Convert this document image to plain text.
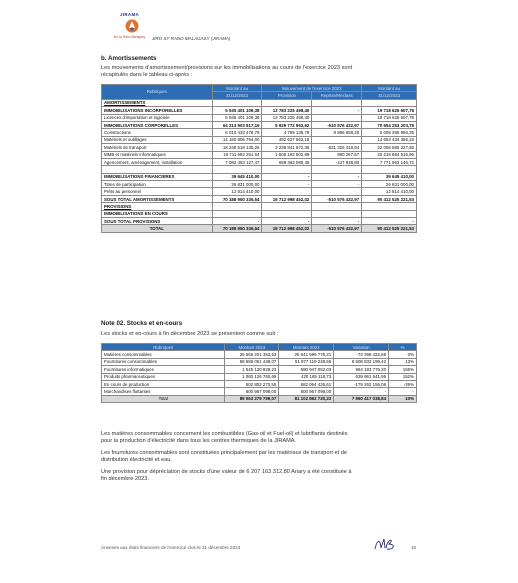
JIRAMA
Jiro sy Rano Malagasy JIRO SY RANO MALAGASY (JIRAMA)
b. Amortissements
Les mouvements d'amortissement/provisions sur les immobilisations au cours de l'exercice 2023 sont
récapitulés dans le tableau ci-après :
Rubriques	Montant au	Mouvement de l'exercice 2023		Montant au
	31/12/2022	Provision	Reprise/Reclass	31/12/2023
AMORTISSEMENTS				
IMMOBILISATIONS INCORPORELLES	5 935 401 109,38	13 783 225 498,40	-	19 718 626 607,78
Licences d'importation et logiciele	5 935 401 109,38	13 783 225 498,40		19 718 626 607,78
IMMOBILISATIONS CORPORELLES	64 213 903 817,16	5 929 772 953,62	-510 576 432,97	70 654 253 203,78
Constructions	6 010 433 478,79	4 759 135,78	9 896 658,20	6 005 295 956,35
Matériels et outillages	14 160 806 794,00	492 627 562,18		14 653 434 356,18
Matériels de transport	18 248 518 135,26	3 236 841 672,36	-521 325 419,94	22 006 685 227,56
MMB et matériels informatiques	18 711 692 261,64	1 506 182 502,89	990 267,57	20 216 884 516,96
Agencement, aménagement, installation	7 082 453 127,47	689 362 080,45	-137 938,80	7 771 953 146,72

IMMOBILISATIONS FINANCIERES	39 645 410,00	-	-	39 645 410,00
Titres de participation	26 831 000,00	-	-	26 831 000,00
Prêts au personnel	12 814 410,00			12 814 410,00
SOUS TOTAL AMORTISSEMENTS	70 188 950 336,54	19 712 998 452,02	-510 576 432,97	90 412 525 221,53
PROVISIONS				
IMMOBILISATIONS EN COURS				
SOUS TOTAL PROVISIONS	-	-	-	-
TOTAL	70 188 950 336,54	19 712 998 452,02	-510 576 432,97	90 412 525 221,53
Note 02. Stocks et en-cours
Les stocks et en-cours à fin décembre 2023 se présentent comme suit :
Rubriques	Montant 2023	Montant 2022	Variation	%
Matières consommables	26 566 201 353,53	26 641 599 776,21	-73 398 422,68	0%
Fournitures consommables	58 586 051 448,07	51 977 119 248,65	6 608 932 199,42	13%
Fournitures informatiques	1 545 130 828,23	580 947 052,03	964 183 776,20	166%
Produits pharmaceutiques	1 060 126 760,69	420 165 118,73	639 961 641,96	152%
En cours de production	502 802 270,55	682 064 426,61	-179 262 156,06	-26%
Marchandises flottantes	800 967 098,00	800 967 098,00	-	-
Total	89 063 279 799,07	81 102 862 720,23	7 960 417 038,84	10%
Les matières consommables concernent les combustibles (Gas-oil et Fuel-oil) et lubrifiants destinés
pour la production d'électricité dans tous les centres thermiques de la JIRAMA.
Les fournitures consommables sont constituées principalement par les matériaux de transport et de
distribution électricité et eau.
Une provision pour dépréciation de stocks d'une valeur de 6 207 163 312,80 Ariary a été constituée à
fin décembre 2023.
Annexes aux états financiers de l'exercice clos le 31 décembre 2023	16
